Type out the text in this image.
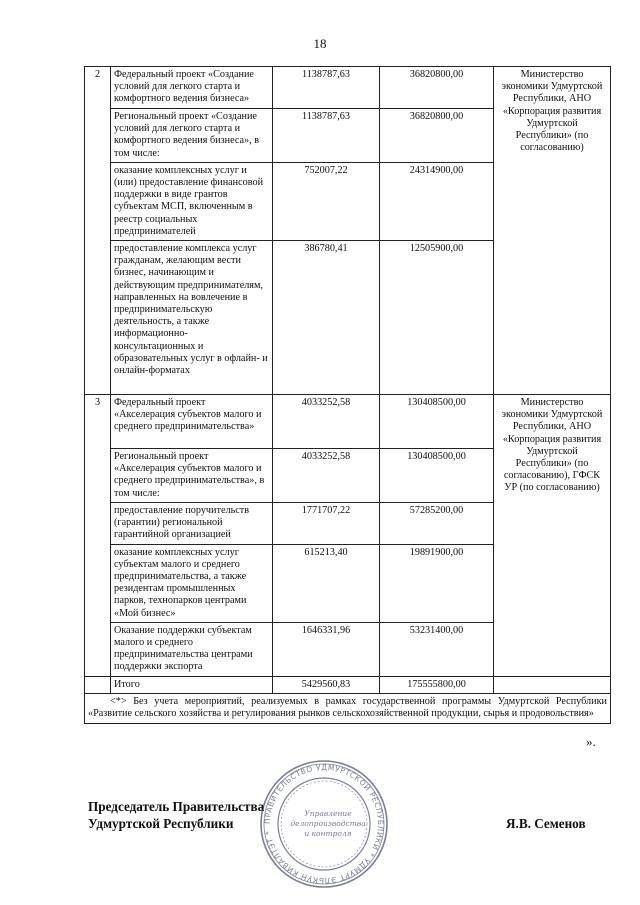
18
2	Федеральный проект «Создание условий для легкого старта и комфортного ведения бизнеса»	1138787,63	36820800,00	Министерство экономики Удмуртской Республики, АНО «Корпорация развития Удмуртской Республики» (по согласованию)
	Региональный проект «Создание условий для легкого старта и комфортного ведения бизнеса», в том числе:	1138787,63	36820800,00	
	оказание комплексных услуг и (или) предоставление финансовой поддержки в виде грантов субъектам МСП, включенным в реестр социальных предпринимателей	752007,22	24314900,00	
	предоставление комплекса услуг гражданам, желающим вести бизнес, начинающим и действующим предпринимателям, направленных на вовлечение в предпринимательскую деятельность, а также информационно-консультационных и образовательных услуг в офлайн- и онлайн-форматах	386780,41	12505900,00	
3	Федеральный проект «Акселерация субъектов малого и среднего предпринимательства»	4033252,58	130408500,00	Министерство экономики Удмуртской Республики, АНО «Корпорация развития Удмуртской Республики» (по согласованию), ГФСК УР (по согласованию)
	Региональный проект «Акселерация субъектов малого и среднего предпринимательства», в том числе:	4033252,58	130408500,00	
	предоставление поручительств (гарантии) региональной гарантийной организацией	1771707,22	57285200,00	
	оказание комплексных услуг субъектам малого и среднего предпринимательства, а также резидентам промышленных парков, технопарков центрами «Мой бизнес»	615213,40	19891900,00	
	Оказание поддержки субъектам малого и среднего предпринимательства центрами поддержки экспорта	1646331,96	53231400,00	
	Итого	5429560,83	175555800,00	
<*> Без учета мероприятий, реализуемых в рамках государственной программы Удмуртской Республики «Развитие сельского хозяйства и регулирования рынков сельскохозяйственной продукции, сырья и продовольствия»				
».
ПРАВИТЕЛЬСТВО УДМУРТСКОЙ РЕСПУБЛИКИ * УДМУРТ ЭЛЬКУН КИВАЛТЭТ *
Управление
делопроизводства
и контроля
Председатель Правительства
Удмуртской Республики	Я.В. Семенов
